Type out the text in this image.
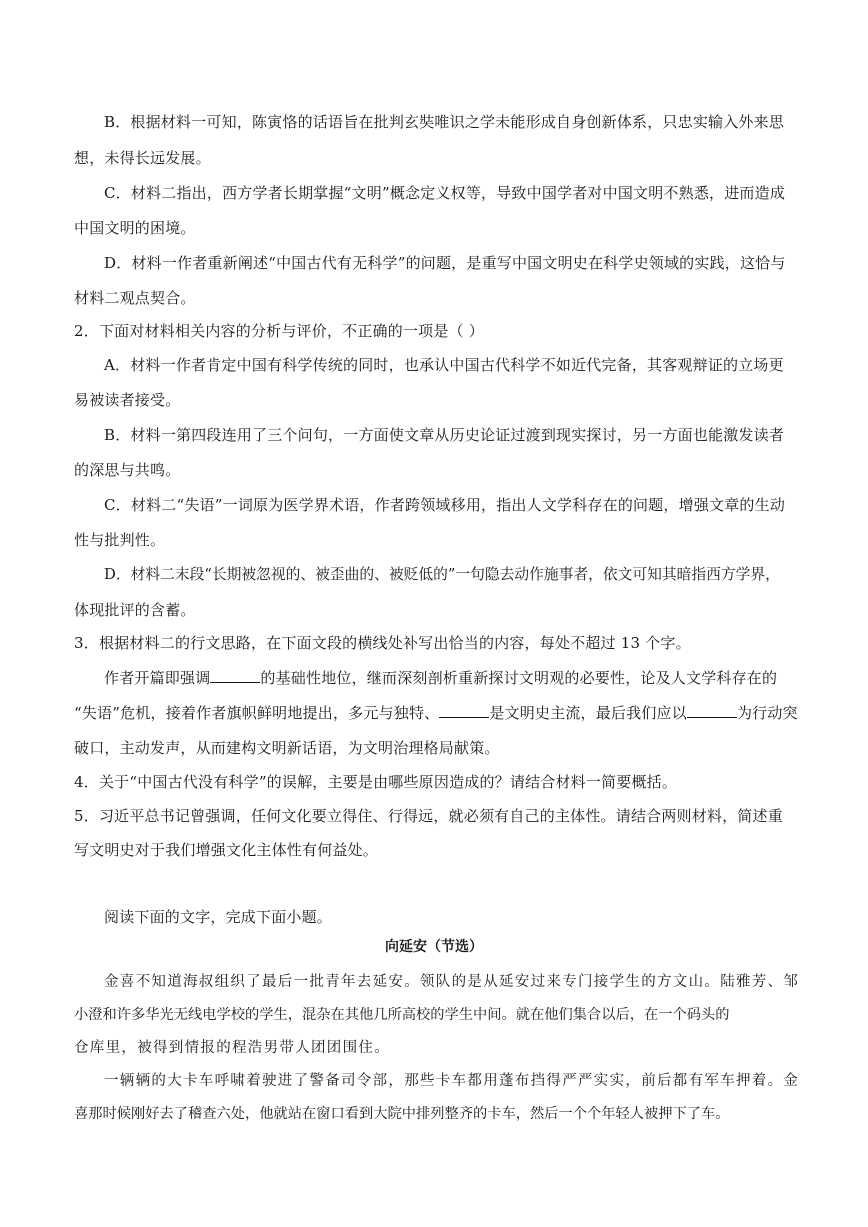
B．根据材料一可知，陈寅恪的话语旨在批判玄奘唯识之学未能形成自身创新体系，只忠实输入外来思
想，未得长远发展。
C．材料二指出，西方学者长期掌握“文明”概念定义权等，导致中国学者对中国文明不熟悉，进而造成
中国文明的困境。
D．材料一作者重新阐述“中国古代有无科学”的问题，是重写中国文明史在科学史领域的实践，这恰与
材料二观点契合。
2．下面对材料相关内容的分析与评价，不正确的一项是（ ）
A．材料一作者肯定中国有科学传统的同时，也承认中国古代科学不如近代完备，其客观辩证的立场更
易被读者接受。
B．材料一第四段连用了三个问句，一方面使文章从历史论证过渡到现实探讨，另一方面也能激发读者
的深思与共鸣。
C．材料二“失语”一词原为医学界术语，作者跨领域移用，指出人文学科存在的问题，增强文章的生动
性与批判性。
D．材料二末段“长期被忽视的、被歪曲的、被贬低的”一句隐去动作施事者，依文可知其暗指西方学界，
体现批评的含蓄。
3．根据材料二的行文思路，在下面文段的横线处补写出恰当的内容，每处不超过 13 个字。
作者开篇即强调	的基础性地位，继而深刻剖析重新探讨文明观的必要性，论及人文学科存在的
“失语”危机，接着作者旗帜鲜明地提出，多元与独特、	是文明史主流，最后我们应以	为行动突
破口，主动发声，从而建构文明新话语，为文明治理格局献策。
4．关于“中国古代没有科学”的误解，主要是由哪些原因造成的？请结合材料一简要概括。
5．习近平总书记曾强调，任何文化要立得住、行得远，就必须有自己的主体性。请结合两则材料，简述重
写文明史对于我们增强文化主体性有何益处。
阅读下面的文字，完成下面小题。
向延安（节选）
金喜不知道海叔组织了最后一批青年去延安。领队的是从延安过来专门接学生的方文山。陆雅芳、邹
小澄和许多华光无线电学校的学生，混杂在其他几所高校的学生中间。就在他们集合以后，在一个码头的
仓库里，被得到情报的程浩男带人团团围住。
一辆辆的大卡车呼啸着驶进了警备司令部，那些卡车都用蓬布挡得严严实实，前后都有军车押着。金
喜那时候刚好去了稽查六处，他就站在窗口看到大院中排列整齐的卡车，然后一个个年轻人被押下了车。
